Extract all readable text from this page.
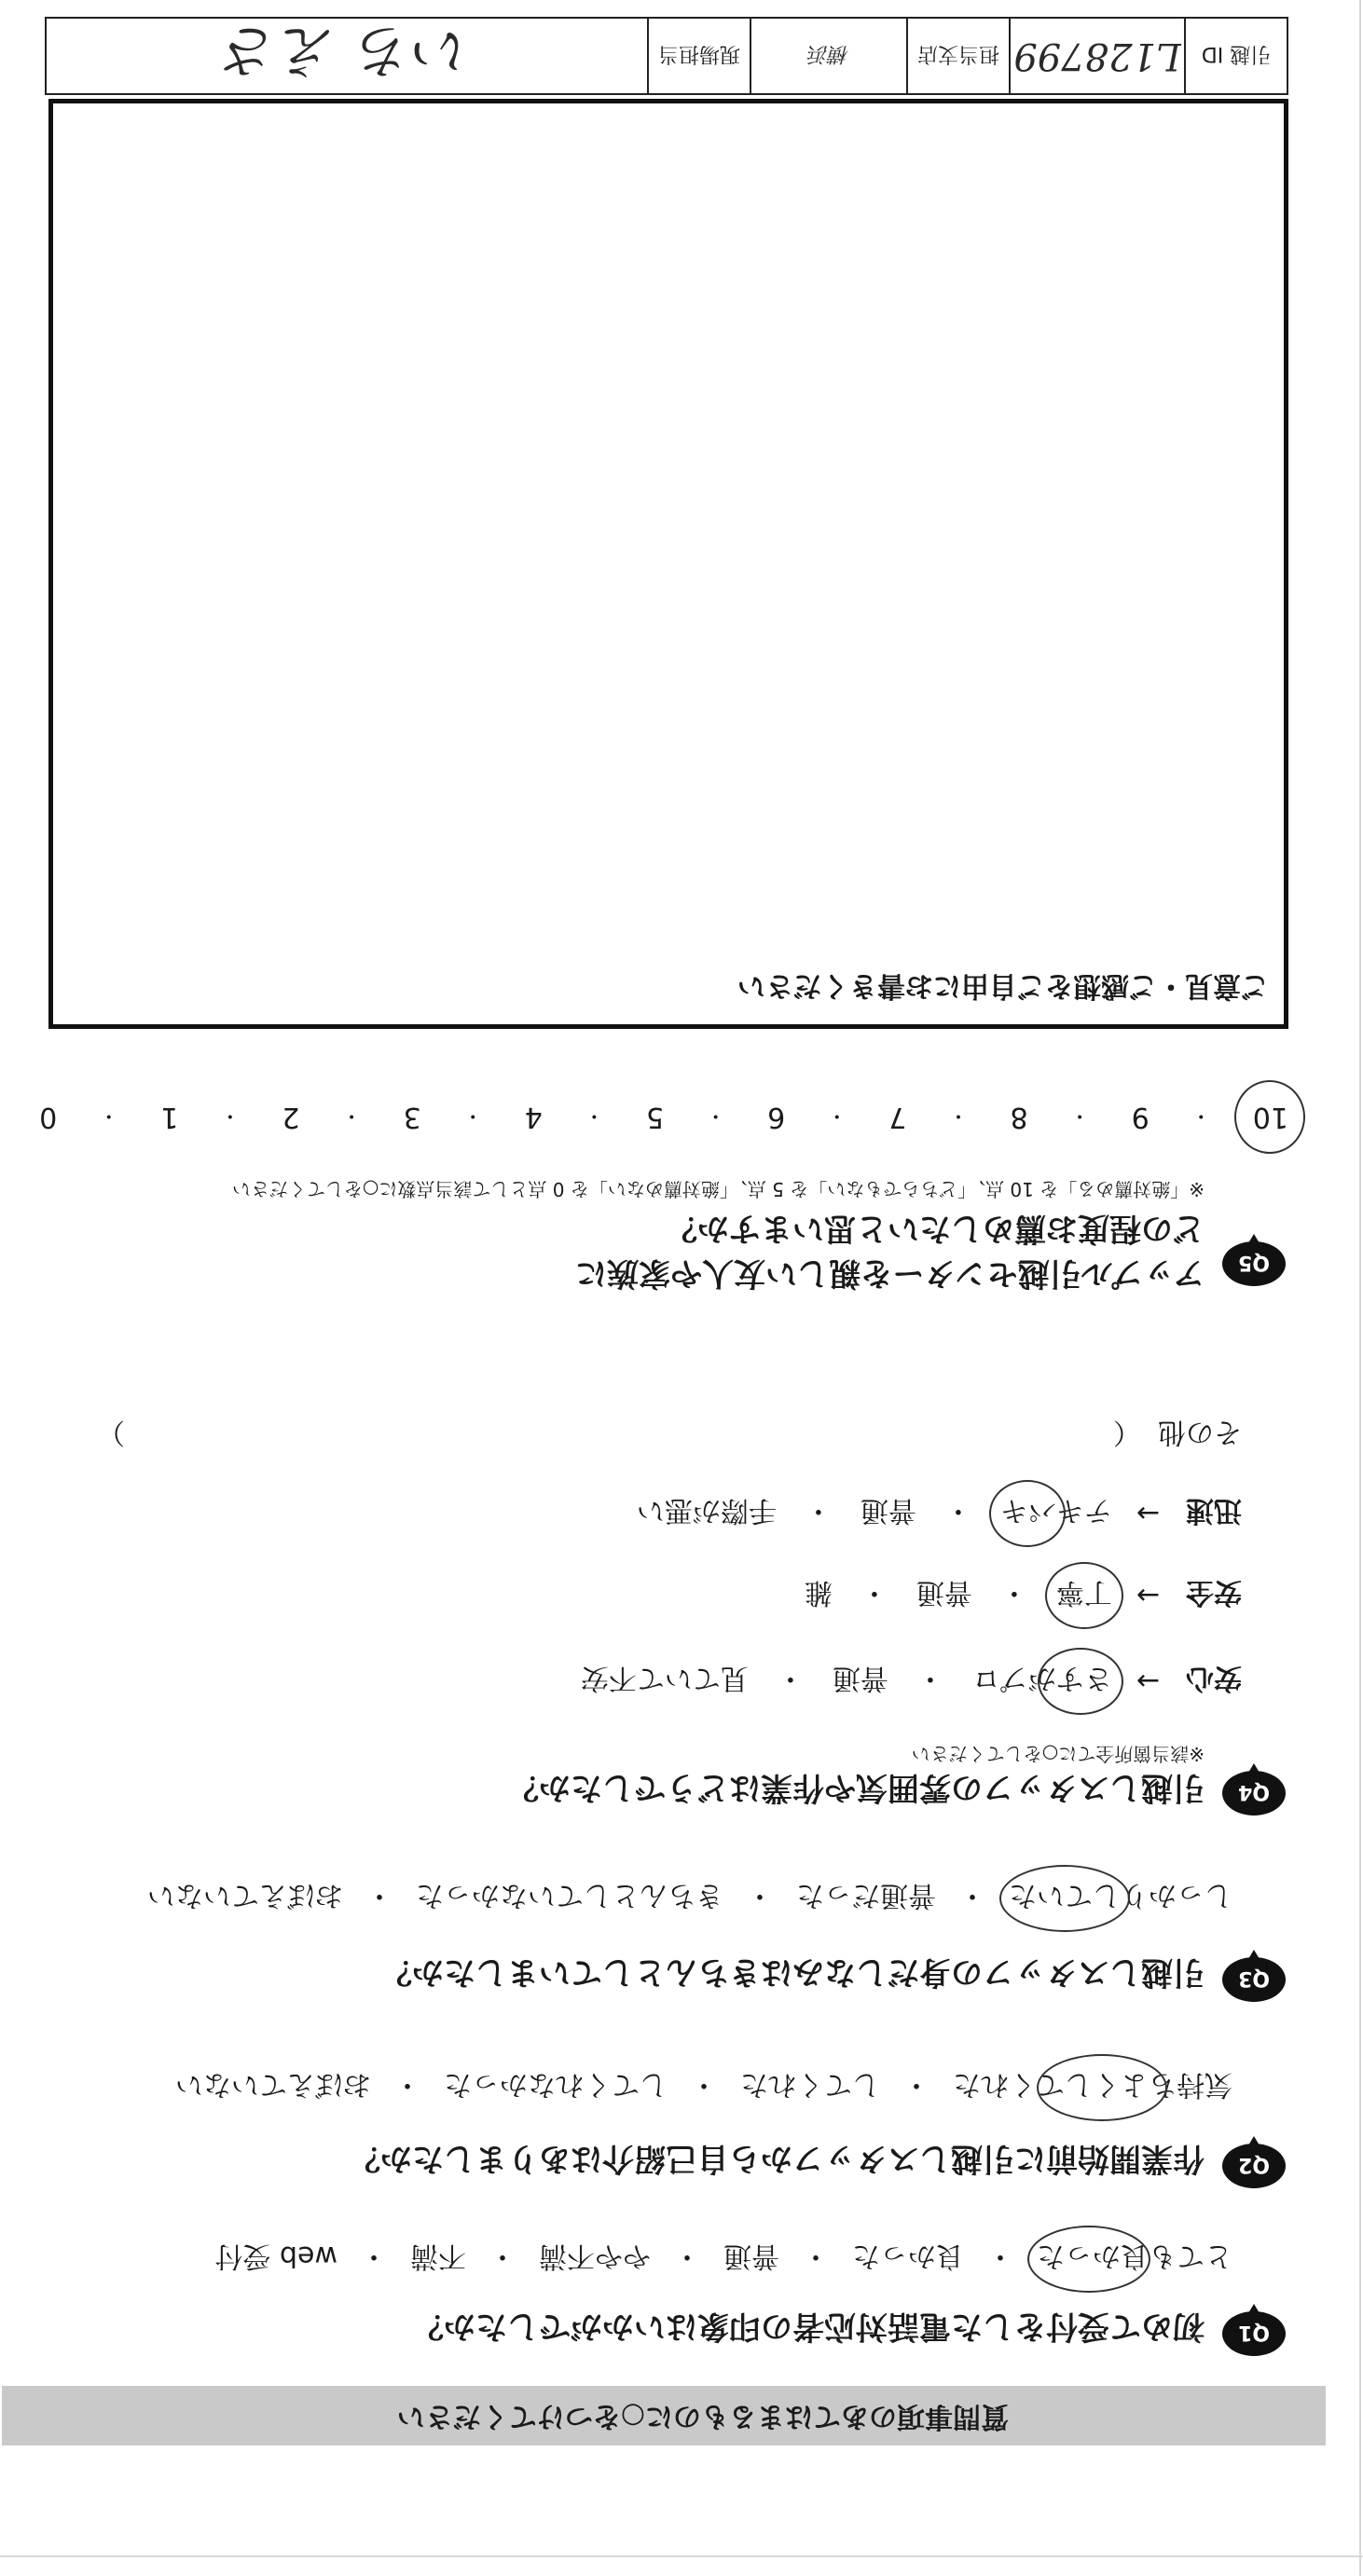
質問事項のあてはまるものに○をつけてください
Q1
初めて受付をした電話対応者の印象はいかがでしたか？
とても良かった
・
良かった
・
普通
・
やや不満
・
不満
・
web 受付
Q2
作業開始前に引越しスタッフから自己紹介はありましたか？
気持ちよくしてくれた
・
してくれた
・
してくれなかった
・
おぼえていない
Q3
引越しスタッフの身だしなみはきちんとしていましたか？
しっかりしていた
・
普通だった
・
きちんとしていなかった
・
おぼえていない
Q4
引越しスタッフの雰囲気や作業はどうでしたか？
※該当箇所全てに○をしてください
安心
→
さすがプロ
・
普通
・
見ていて不安
安全
→
丁寧
・
普通
・
雑
迅速
→
テキパキ
・
普通
・
手際が悪い
その他
（
）
Q5
アップル引越センターを親しい友人や家族に
どの程度お薦めしたいと思いますか？
※「絶対薦める」を 10 点、「どちらでもない」を 5 点、「絶対薦めない」を 0 点として該当点数に○をしてください
10
・
9
・
8
・
7
・
6
・
5
・
4
・
3
・
2
・
1
・
0
ご意見・ご感想をご自由にお書きください
引越 ID
L128799
担当支店
横浜
現場担当
いち えさ
